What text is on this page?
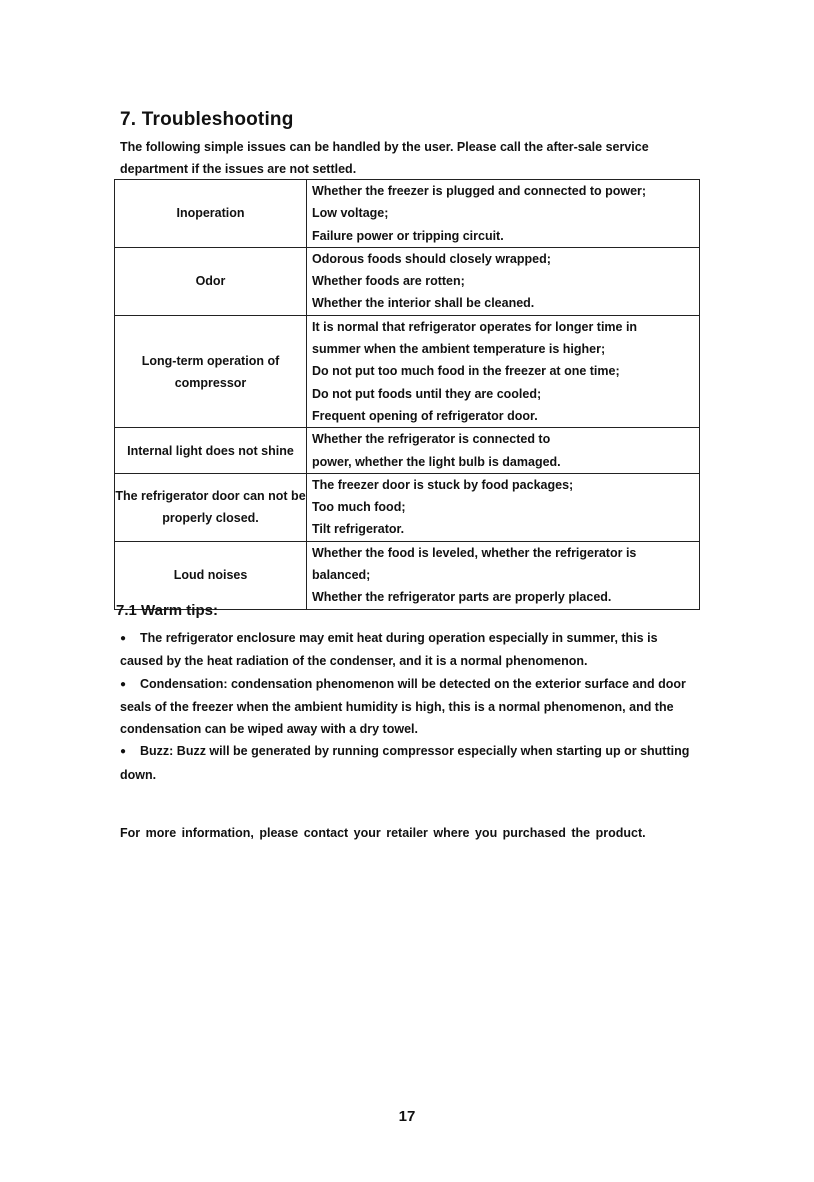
7. Troubleshooting

The following simple issues can be handled by the user. Please call the after-sale service department if the issues are not settled.

Inoperation	Whether the freezer is plugged and connected to power;
Low voltage;
Failure power or tripping circuit.

Odor	Odorous foods should closely wrapped;
Whether foods are rotten;
Whether the interior shall be cleaned.

Long-term operation of compressor	It is normal that refrigerator operates for longer time in
summer when the ambient temperature is higher;
Do not put too much food in the freezer at one time;
Do not put foods until they are cooled;
Frequent opening of refrigerator door.

Internal light does not shine	Whether the refrigerator is connected to
power, whether the light bulb is damaged.

The refrigerator door can not be properly closed.	The freezer door is stuck by food packages;
Too much food;
Tilt refrigerator.

Loud noises	Whether the food is leveled, whether the refrigerator is
balanced;
Whether the refrigerator parts are properly placed.
7.1 Warm tips:
● The refrigerator enclosure may emit heat during operation especially in summer, this is caused by the heat radiation of the condenser, and it is a normal phenomenon.
● Condensation: condensation phenomenon will be detected on the exterior surface and door seals of the freezer when the ambient humidity is high, this is a normal phenomenon, and the condensation can be wiped away with a dry towel.
● Buzz: Buzz will be generated by running compressor especially when starting up or shutting down.

For more information, please contact your retailer where you purchased the product.

17
